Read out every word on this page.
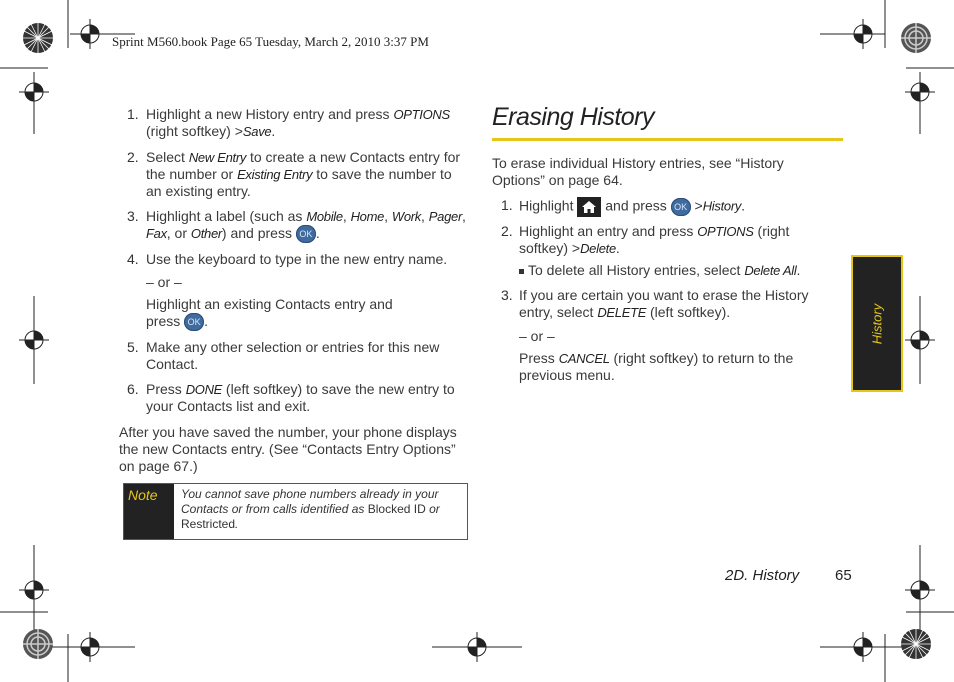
Sprint M560.book Page 65 Tuesday, March 2, 2010 3:37 PM
1. Highlight a new History entry and press OPTIONS
(right softkey) >Save.
2. Select New Entry to create a new Contacts entry for the number or Existing Entry to save the number to an existing entry.
3. Highlight a label (such as Mobile, Home, Work, Pager, Fax, or Other) and press OK .
4. Use the keyboard to type in the new entry name.
– or –
Highlight an existing Contacts entry and
press OK .
5. Make any other selection or entries for this new Contact.
6. Press DONE (left softkey) to save the new entry to your Contacts list and exit.
After you have saved the number, your phone displays the new Contacts entry. (See “Contacts Entry Options” on page 67.)
Note	You cannot save phone numbers already in your Contacts or from calls identified as Blocked ID or Restricted.
Erasing History
To erase individual History entries, see “History Options” on page 64.
1. Highlight  and press OK >History.
2. Highlight an entry and press OPTIONS (right softkey) >Delete.
To delete all History entries, select Delete All.
3. If you are certain you want to erase the History entry, select DELETE (left softkey).
– or –
Press CANCEL (right softkey) to return to the previous menu.
History
2D. History 65
